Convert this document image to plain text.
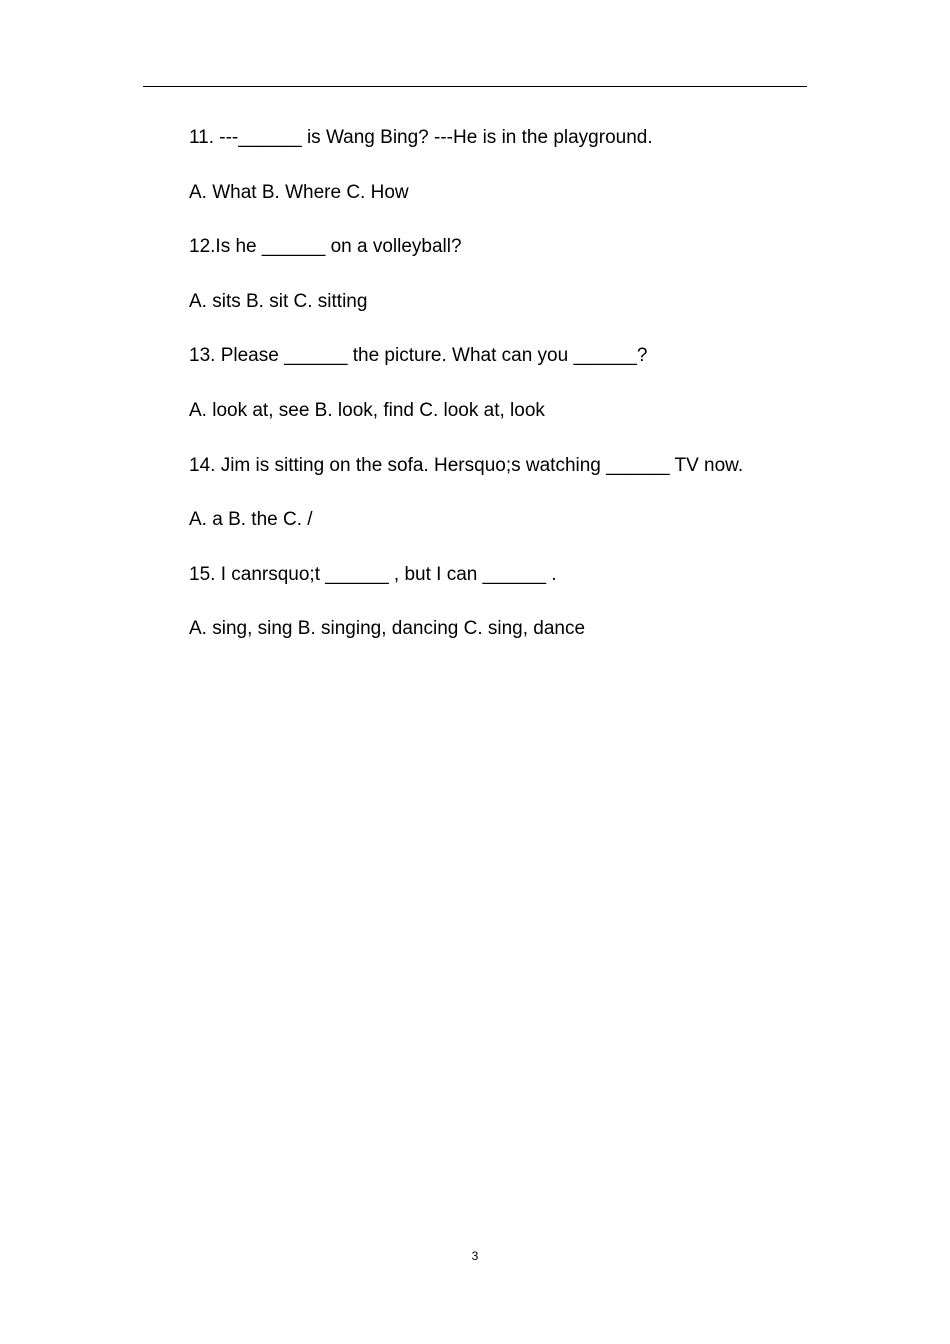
11. ---______ is Wang Bing? ---He is in the playground.
A. What B. Where C. How
12.Is he ______ on a volleyball?
A. sits B. sit C. sitting
13. Please ______ the picture. What can you ______?
A. look at, see B. look, find C. look at, look
14. Jim is sitting on the sofa. Hersquo;s watching ______ TV now.
A. a B. the C. /
15. I canrsquo;t ______ , but I can ______ .
A. sing, sing B. singing, dancing C. sing, dance
3
